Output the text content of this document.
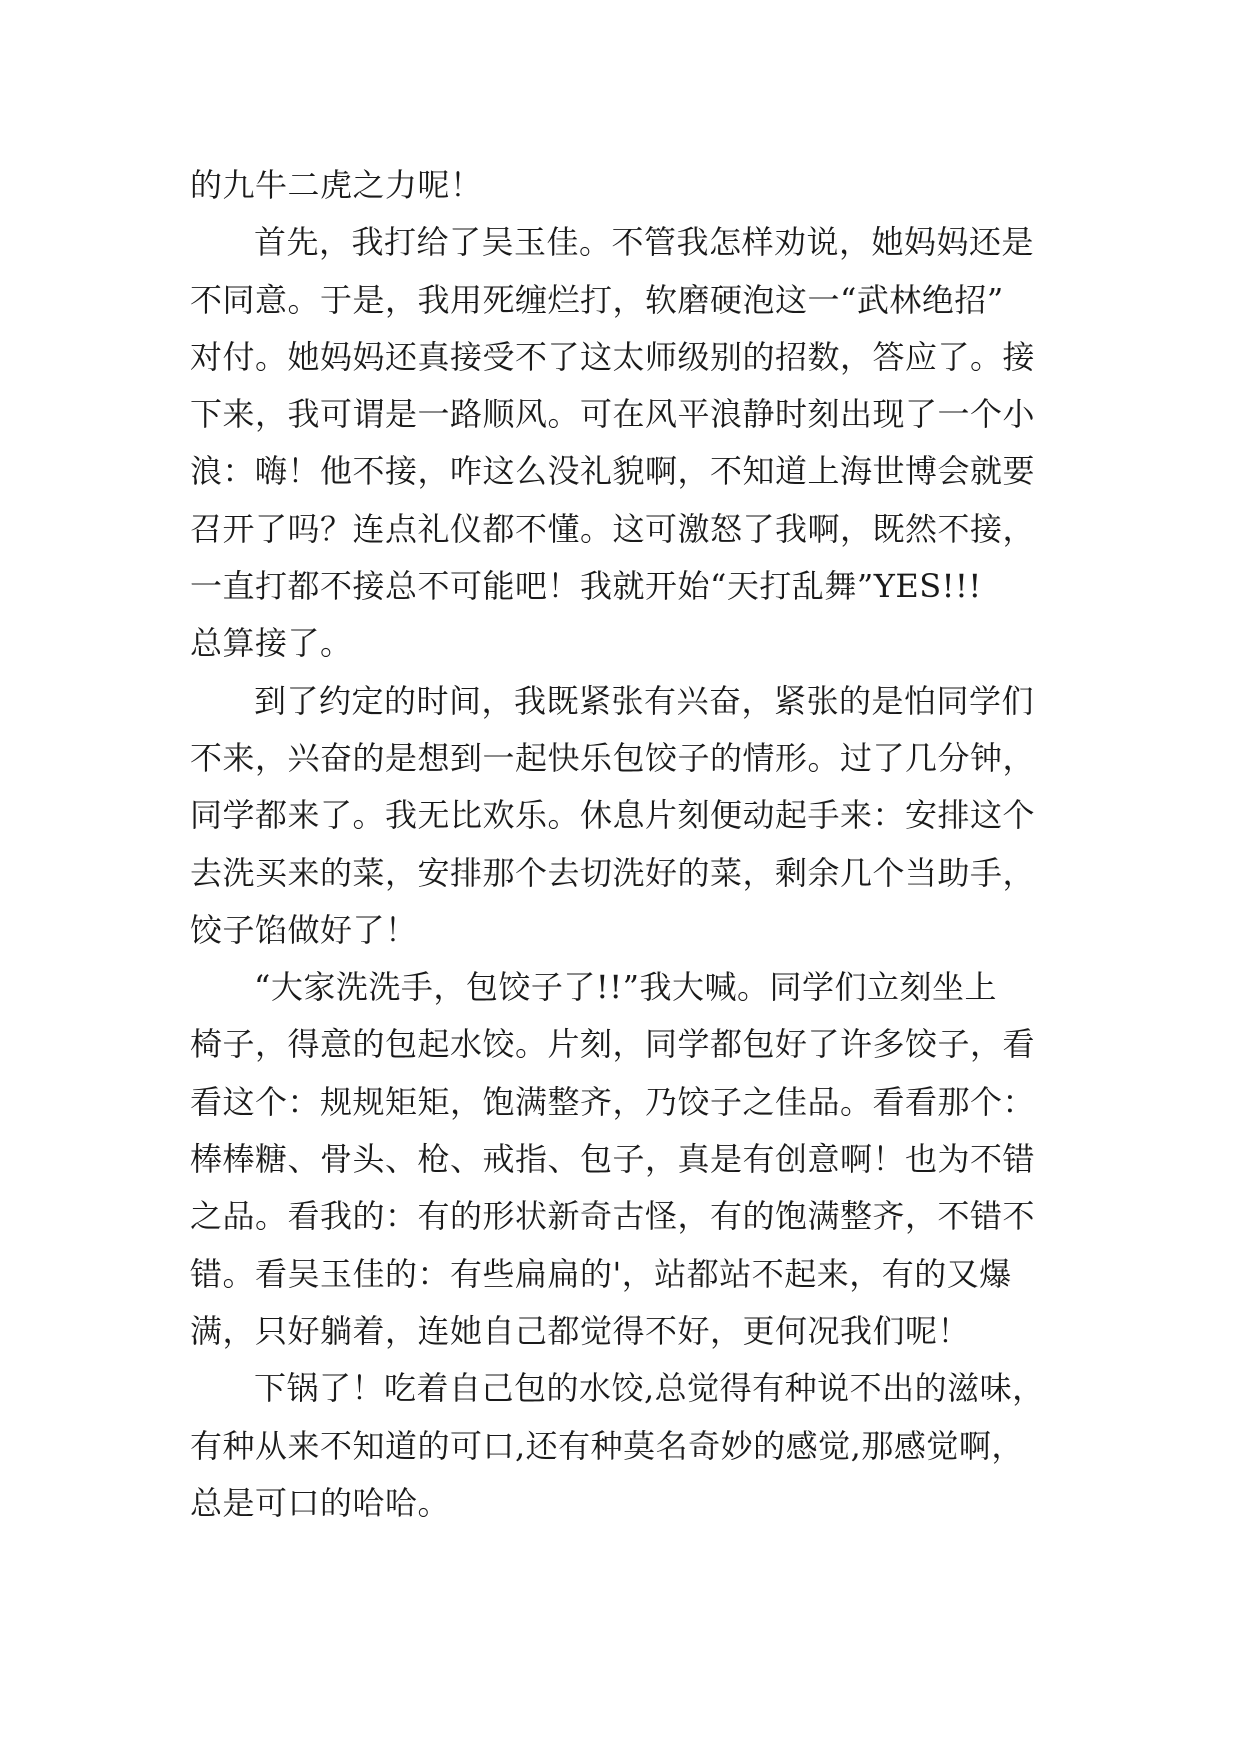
的九牛二虎之力呢！
首先，我打给了吴玉佳。不管我怎样劝说，她妈妈还是
不同意。于是，我用死缠烂打，软磨硬泡这一“武林绝招”
对付。她妈妈还真接受不了这太师级别的招数，答应了。接
下来，我可谓是一路顺风。可在风平浪静时刻出现了一个小
浪：嗨！他不接，咋这么没礼貌啊，不知道上海世博会就要
召开了吗？连点礼仪都不懂。这可激怒了我啊，既然不接，
一直打都不接总不可能吧！我就开始“天打乱舞”YES!!!
总算接了。
到了约定的时间，我既紧张有兴奋，紧张的是怕同学们
不来，兴奋的是想到一起快乐包饺子的情形。过了几分钟，
同学都来了。我无比欢乐。休息片刻便动起手来：安排这个
去洗买来的菜，安排那个去切洗好的菜，剩余几个当助手，
饺子馅做好了！
“大家洗洗手，包饺子了!!”我大喊。同学们立刻坐上
椅子，得意的包起水饺。片刻，同学都包好了许多饺子，看
看这个：规规矩矩，饱满整齐，乃饺子之佳品。看看那个：
棒棒糖、骨头、枪、戒指、包子，真是有创意啊！也为不错
之品。看我的：有的形状新奇古怪，有的饱满整齐，不错不
错。看吴玉佳的：有些扁扁的'，站都站不起来，有的又爆
满，只好躺着，连她自己都觉得不好，更何况我们呢！
下锅了！吃着自己包的水饺,总觉得有种说不出的滋味，
有种从来不知道的可口,还有种莫名奇妙的感觉,那感觉啊，
总是可口的哈哈。
